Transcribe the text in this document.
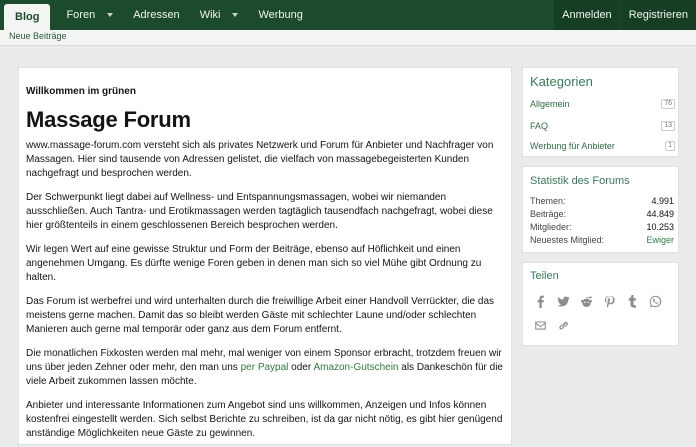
Blog Foren	Adressen Wiki	Werbung	Anmelden Registrieren
Neue Beiträge
Willkommen im grünen
Massage Forum

www.massage-forum.com versteht sich als privates Netzwerk und Forum für Anbieter und Nachfrager von Massagen. Hier sind tausende von Adressen gelistet, die vielfach von massagebegeisterten Kunden nachgefragt und besprochen werden.

Der Schwerpunkt liegt dabei auf Wellness- und Entspannungsmassagen, wobei wir niemanden ausschließen. Auch Tantra- und Erotikmassagen werden tagtäglich tausendfach nachgefragt, wobei diese hier größtenteils in einem geschlossenen Bereich besprochen werden.

Wir legen Wert auf eine gewisse Struktur und Form der Beiträge, ebenso auf Höflichkeit und einen angenehmen Umgang. Es dürfte wenige Foren geben in denen man sich so viel Mühe gibt Ordnung zu halten.

Das Forum ist werbefrei und wird unterhalten durch die freiwillige Arbeit einer Handvoll Verrückter, die das meistens gerne machen. Damit das so bleibt werden Gäste mit schlechter Laune und/oder schlechten Manieren auch gerne mal temporär oder ganz aus dem Forum entfernt.

Die monatlichen Fixkosten werden mal mehr, mal weniger von einem Sponsor erbracht, trotzdem freuen wir uns über jeden Zehner oder mehr, den man uns per Paypal oder Amazon-Gutschein als Dankeschön für die viele Arbeit zukommen lassen möchte.

Anbieter und interessante Informationen zum Angebot sind uns willkommen, Anzeigen und Infos können kostenfrei eingestellt werden. Sich selbst Berichte zu schreiben, ist da gar nicht nötig, es gibt hier genügend anständige Möglichkeiten neue Gäste zu gewinnen.

Kategorien
Allgemein	76
FAQ	13
Werbung für Anbieter	1
Statistik des Forums
Themen:	4.991
Beiträge:	44.849
Mitglieder:	10.253
Neuestes Mitglied:	Ewiger
Teilen
